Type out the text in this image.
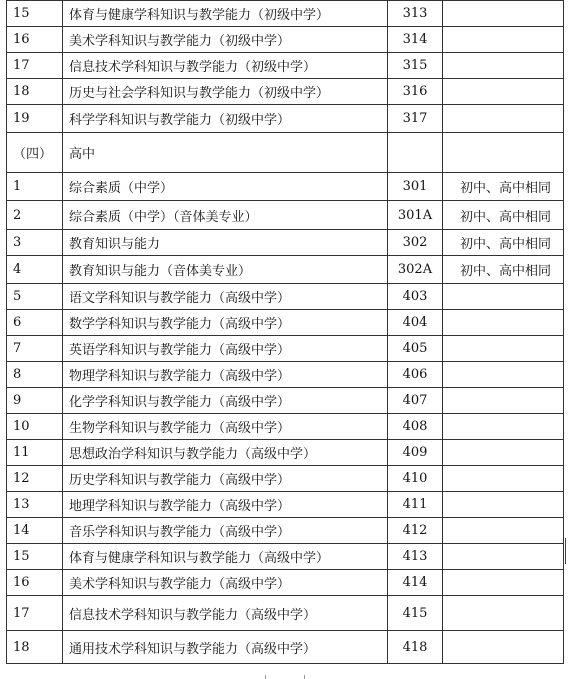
15	体育与健康学科知识与教学能力（初级中学）	313	
16	美术学科知识与教学能力（初级中学）	314	
17	信息技术学科知识与教学能力（初级中学）	315	
18	历史与社会学科知识与教学能力（初级中学）	316	
19	科学学科知识与教学能力（初级中学）	317	
（四）	高中		
1	综合素质（中学）	301	初中、高中相同
2	综合素质（中学）（音体美专业）	301A	初中、高中相同
3	教育知识与能力	302	初中、高中相同
4	教育知识与能力（音体美专业）	302A	初中、高中相同
5	语文学科知识与教学能力（高级中学）	403	
6	数学学科知识与教学能力（高级中学）	404	
7	英语学科知识与教学能力（高级中学）	405	
8	物理学科知识与教学能力（高级中学）	406	
9	化学学科知识与教学能力（高级中学）	407	
10	生物学科知识与教学能力（高级中学）	408	
11	思想政治学科知识与教学能力（高级中学）	409	
12	历史学科知识与教学能力（高级中学）	410	
13	地理学科知识与教学能力（高级中学）	411	
14	音乐学科知识与教学能力（高级中学）	412	
15	体育与健康学科知识与教学能力（高级中学）	413	
16	美术学科知识与教学能力（高级中学）	414	
17	信息技术学科知识与教学能力（高级中学）	415	
18	通用技术学科知识与教学能力（高级中学）	418	
